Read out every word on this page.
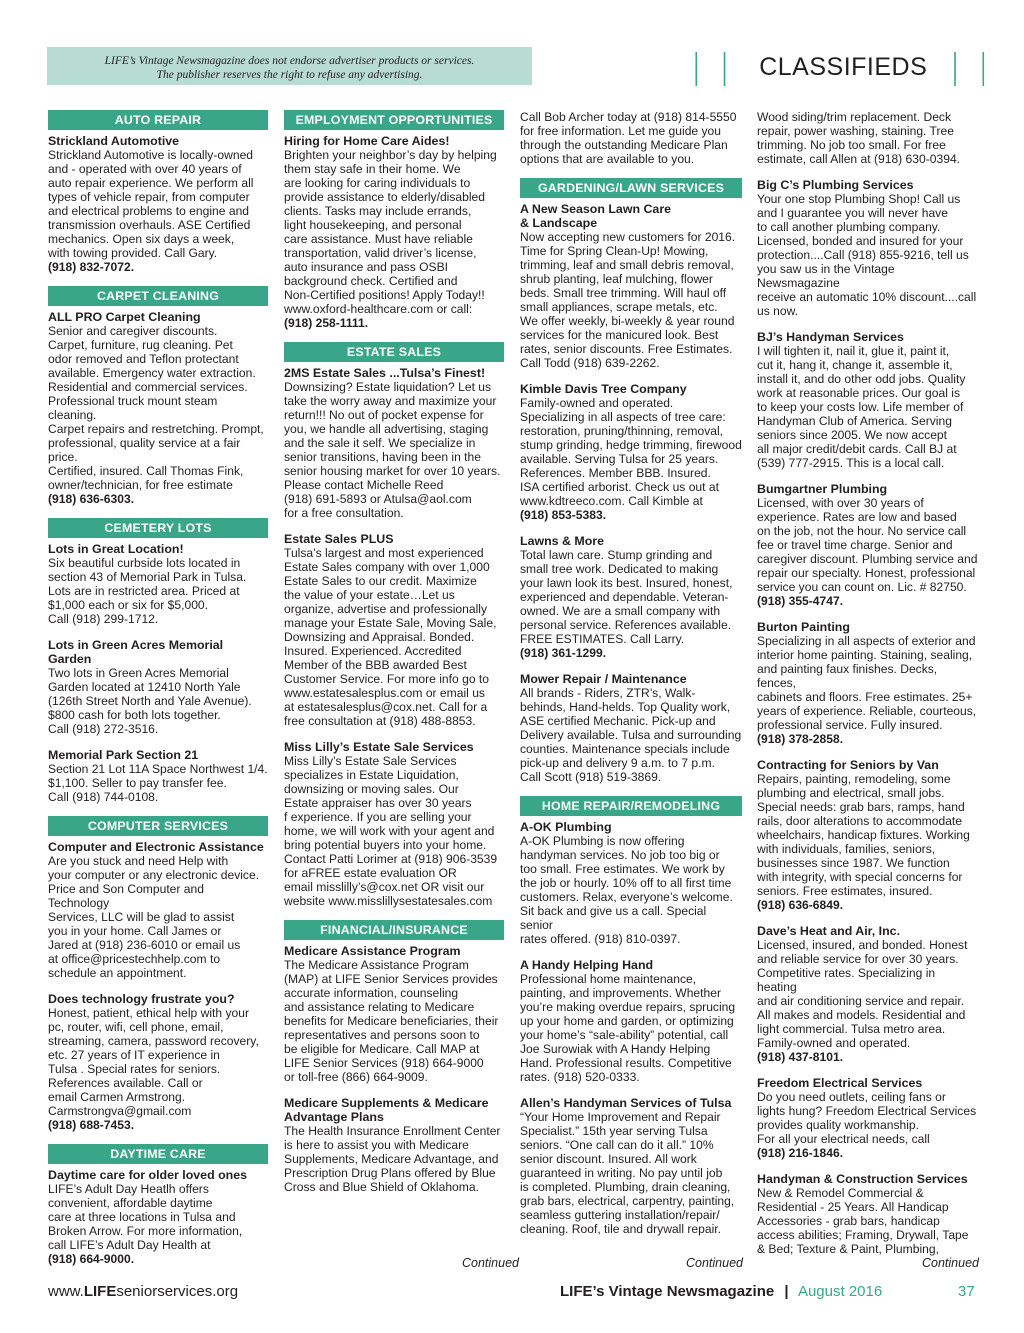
LIFE’s Vintage Newsmagazine does not endorse advertiser products or services.
The publisher reserves the right to refuse any advertising.	| |	CLASSIFIEDS | |
AUTO REPAIR
Strickland Automotive

Strickland Automotive is locally-owned
and - operated with over 40 years of
auto repair experience. We perform all
types of vehicle repair, from computer
and electrical problems to engine and
transmission overhauls. ASE Certified
mechanics. Open six days a week,
with towing provided. Call Gary.

(918) 832-7072.

CARPET CLEANING
ALL PRO Carpet Cleaning

Senior and caregiver discounts.
Carpet, furniture, rug cleaning. Pet
odor removed and Teflon protectant
available. Emergency water extraction.
Residential and commercial services.
Professional truck mount steam cleaning.
Carpet repairs and restretching. Prompt,
professional, quality service at a fair price.
Certified, insured. Call Thomas Fink,
owner/technician, for free estimate

(918) 636-6303.

CEMETERY LOTS
Lots in Great Location!

Six beautiful curbside lots located in
section 43 of Memorial Park in Tulsa.
Lots are in restricted area. Priced at
$1,000 each or six for $5,000.
Call (918) 299-1712.

Lots in Green Acres Memorial Garden

Two lots in Green Acres Memorial
Garden located at 12410 North Yale
(126th Street North and Yale Avenue).
$800 cash for both lots together.
Call (918) 272-3516.

Memorial Park Section 21

Section 21 Lot 11A Space Northwest 1/4.
$1,100. Seller to pay transfer fee.
Call (918) 744-0108.

COMPUTER SERVICES
Computer and Electronic Assistance

Are you stuck and need Help with
your computer or any electronic device.
Price and Son Computer and Technology
Services, LLC will be glad to assist
you in your home. Call James or
Jared at (918) 236-6010 or email us
at office@pricestechhelp.com to
schedule an appointment.

Does technology frustrate you?

Honest, patient, ethical help with your
pc, router, wifi, cell phone, email,
streaming, camera, password recovery,
etc. 27 years of IT experience in
Tulsa . Special rates for seniors.
References available. Call or
email Carmen Armstrong.
Carmstrongva@gmail.com

(918) 688-7453.

DAYTIME CARE
Daytime care for older loved ones

LIFE’s Adult Day Heatlh offers
convenient, affordable daytime
care at three locations in Tulsa and
Broken Arrow. For more information,
call LIFE’s Adult Day Health at

(918) 664-9000.

EMPLOYMENT OPPORTUNITIES
Hiring for Home Care Aides!

Brighten your neighbor’s day by helping
them stay safe in their home. We
are looking for caring individuals to
provide assistance to elderly/disabled
clients. Tasks may include errands,
light housekeeping, and personal
care assistance. Must have reliable
transportation, valid driver’s license,
auto insurance and pass OSBI
background check. Certified and
Non-Certified positions! Apply Today!!
www.oxford-healthcare.com or call:

(918) 258-1111.

ESTATE SALES
2MS Estate Sales ...Tulsa’s Finest!

Downsizing? Estate liquidation? Let us
take the worry away and maximize your
return!!! No out of pocket expense for
you, we handle all advertising, staging
and the sale it self. We specialize in
senior transitions, having been in the
senior housing market for over 10 years.
Please contact Michelle Reed
(918) 691-5893 or Atulsa@aol.com
for a free consultation.

Estate Sales PLUS

Tulsa’s largest and most experienced
Estate Sales company with over 1,000
Estate Sales to our credit. Maximize
the value of your estate…Let us
organize, advertise and professionally
manage your Estate Sale, Moving Sale,
Downsizing and Appraisal. Bonded.
Insured. Experienced. Accredited
Member of the BBB awarded Best
Customer Service. For more info go to
www.estatesalesplus.com or email us
at estatesalesplus@cox.net. Call for a
free consultation at (918) 488-8853.

Miss Lilly’s Estate Sale Services

Miss Lilly’s Estate Sale Services
specializes in Estate Liquidation,
downsizing or moving sales. Our
Estate appraiser has over 30 years
f experience. If you are selling your
home, we will work with your agent and
bring potential buyers into your home.
Contact Patti Lorimer at (918) 906-3539
for aFREE estate evaluation OR
email misslilly’s@cox.net OR visit our
website www.misslillysestatesales.com

FINANCIAL/INSURANCE
Medicare Assistance Program

The Medicare Assistance Program
(MAP) at LIFE Senior Services provides
accurate information, counseling
and assistance relating to Medicare
benefits for Medicare beneficiaries, their
representatives and persons soon to
be eligible for Medicare. Call MAP at
LIFE Senior Services (918) 664-9000
or toll-free (866) 664-9009.

Medicare Supplements & Medicare
Advantage Plans

The Health Insurance Enrollment Center
is here to assist you with Medicare
Supplements, Medicare Advantage, and
Prescription Drug Plans offered by Blue
Cross and Blue Shield of Oklahoma.

Call Bob Archer today at (918) 814-5550
for free information. Let me guide you
through the outstanding Medicare Plan
options that are available to you.

GARDENING/LAWN SERVICES
A New Season Lawn Care
& Landscape

Now accepting new customers for 2016.
Time for Spring Clean-Up! Mowing,
trimming, leaf and small debris removal,
shrub planting, leaf mulching, flower
beds. Small tree trimming. Will haul off
small appliances, scrape metals, etc.
We offer weekly, bi-weekly & year round
services for the manicured look. Best
rates, senior discounts. Free Estimates.
Call Todd (918) 639-2262.

Kimble Davis Tree Company

Family-owned and operated.
Specializing in all aspects of tree care:
restoration, pruning/thinning, removal,
stump grinding, hedge trimming, firewood
available. Serving Tulsa for 25 years.
References. Member BBB. Insured.
ISA certified arborist. Check us out at
www.kdtreeco.com. Call Kimble at

(918) 853-5383.

Lawns & More

Total lawn care. Stump grinding and
small tree work. Dedicated to making
your lawn look its best. Insured, honest,
experienced and dependable. Veteran-
owned. We are a small company with
personal service. References available.
FREE ESTIMATES. Call Larry.

(918) 361-1299.

Mower Repair / Maintenance

All brands - Riders, ZTR’s, Walk-
behinds, Hand-helds. Top Quality work,
ASE certified Mechanic. Pick-up and
Delivery available. Tulsa and surrounding
counties. Maintenance specials include
pick-up and delivery 9 a.m. to 7 p.m.
Call Scott (918) 519-3869.

HOME REPAIR/REMODELING
A-OK Plumbing

A-OK Plumbing is now offering
handyman services. No job too big or
too small. Free estimates. We work by
the job or hourly. 10% off to all first time
customers. Relax, everyone’s welcome.
Sit back and give us a call. Special senior
rates offered. (918) 810-0397.

A Handy Helping Hand

Professional home maintenance,
painting, and improvements. Whether
you’re making overdue repairs, sprucing
up your home and garden, or optimizing
your home’s “sale-ability” potential, call
Joe Surowiak with A Handy Helping
Hand. Professional results. Competitive
rates. (918) 520-0333.

Allen’s Handyman Services of Tulsa

“Your Home Improvement and Repair
Specialist.” 15th year serving Tulsa
seniors. “One call can do it all.” 10%
senior discount. Insured. All work
guaranteed in writing. No pay until job
is completed. Plumbing, drain cleaning,
grab bars, electrical, carpentry, painting,
seamless guttering installation/repair/
cleaning. Roof, tile and drywall repair.

Wood siding/trim replacement. Deck
repair, power washing, staining. Tree
trimming. No job too small. For free
estimate, call Allen at (918) 630-0394.

Big C’s Plumbing Services

Your one stop Plumbing Shop! Call us
and I guarantee you will never have
to call another plumbing company.
Licensed, bonded and insured for your
protection....Call (918) 855-9216, tell us
you saw us in the Vintage Newsmagazine
receive an automatic 10% discount....call
us now.

BJ’s Handyman Services

I will tighten it, nail it, glue it, paint it,
cut it, hang it, change it, assemble it,
install it, and do other odd jobs. Quality
work at reasonable prices. Our goal is
to keep your costs low. Life member of
Handyman Club of America. Serving
seniors since 2005. We now accept
all major credit/debit cards. Call BJ at
(539) 777-2915. This is a local call.

Bumgartner Plumbing

Licensed, with over 30 years of
experience. Rates are low and based
on the job, not the hour. No service call
fee or travel time charge. Senior and
caregiver discount. Plumbing service and
repair our specialty. Honest, professional
service you can count on. Lic. # 82750.

(918) 355-4747.

Burton Painting

Specializing in all aspects of exterior and
interior home painting. Staining, sealing,
and painting faux finishes. Decks, fences,
cabinets and floors. Free estimates. 25+
years of experience. Reliable, courteous,
professional service. Fully insured.

(918) 378-2858.

Contracting for Seniors by Van

Repairs, painting, remodeling, some
plumbing and electrical, small jobs.
Special needs: grab bars, ramps, hand
rails, door alterations to accommodate
wheelchairs, handicap fixtures. Working
with individuals, families, seniors,
businesses since 1987. We function
with integrity, with special concerns for
seniors. Free estimates, insured.

(918) 636-6849.

Dave’s Heat and Air, Inc.

Licensed, insured, and bonded. Honest
and reliable service for over 30 years.
Competitive rates. Specializing in heating
and air conditioning service and repair.
All makes and models. Residential and
light commercial. Tulsa metro area.
Family-owned and operated.

(918) 437-8101.

Freedom Electrical Services

Do you need outlets, ceiling fans or
lights hung? Freedom Electrical Services
provides quality workmanship.
For all your electrical needs, call

(918) 216-1846.

Handyman & Construction Services

New & Remodel Commercial &
Residential - 25 Years. All Handicap
Accessories - grab bars, handicap
access abilities; Framing, Drywall, Tape
& Bed; Texture & Paint, Plumbing,

Continued	Continued	Continued
www.LIFEseniorservices.org	LIFE’s Vintage Newsmagazine | August 2016	37
